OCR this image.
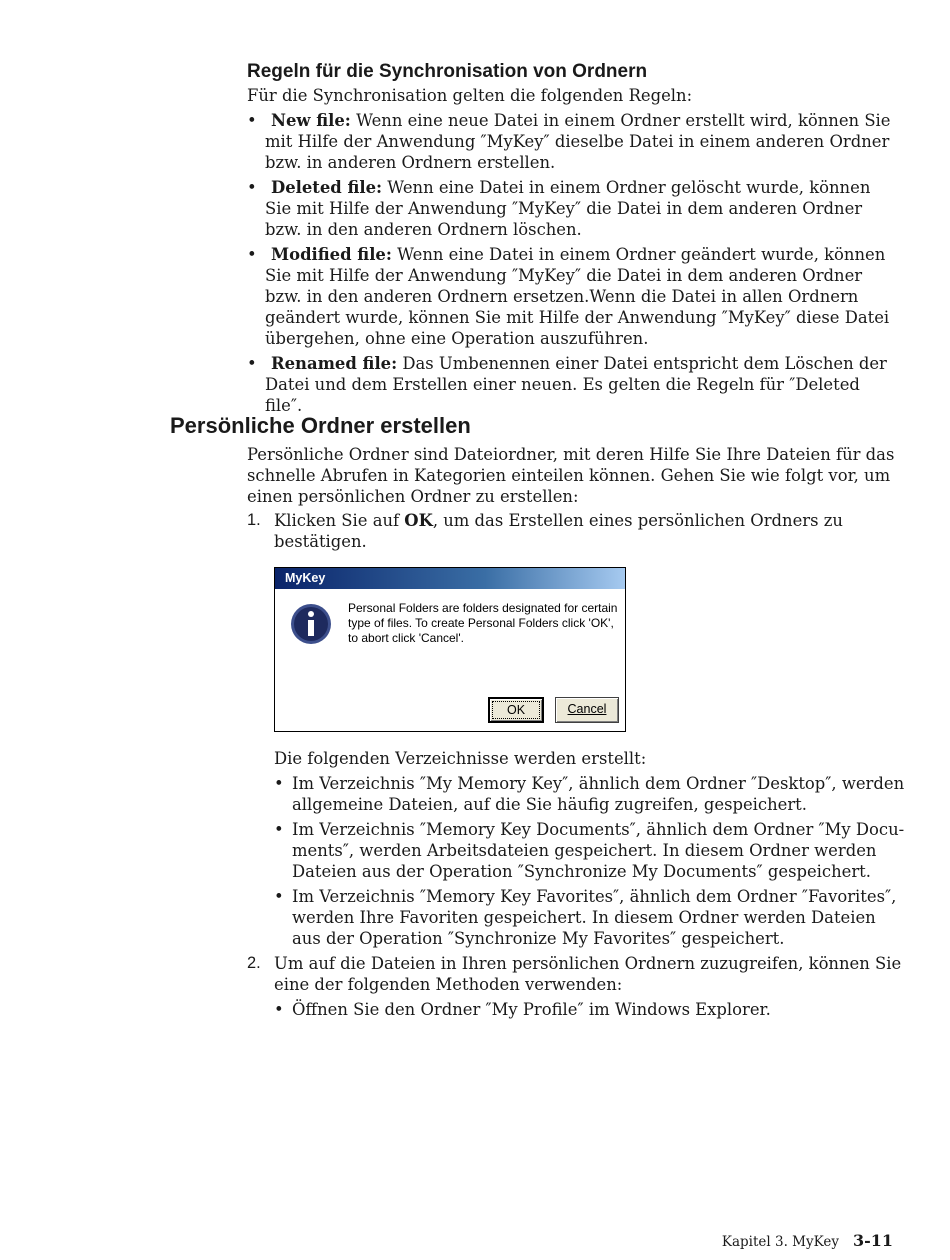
Regeln für die Synchronisation von Ordnern

Für die Synchronisation gelten die folgenden Regeln:

• New file: Wenn eine neue Datei in einem Ordner erstellt wird, können Sie mit Hilfe der Anwendung ″MyKey″ dieselbe Datei in einem anderen Ordner bzw. in anderen Ordnern erstellen.
• Deleted file: Wenn eine Datei in einem Ordner gelöscht wurde, können Sie mit Hilfe der Anwendung ″MyKey″ die Datei in dem anderen Ordner bzw. in den anderen Ordnern löschen.
• Modified file: Wenn eine Datei in einem Ordner geändert wurde, können Sie mit Hilfe der Anwendung ″MyKey″ die Datei in dem anderen Ordner bzw. in den anderen Ordnern ersetzen.Wenn die Datei in allen Ordnern geändert wurde, können Sie mit Hilfe der Anwendung ″MyKey″ diese Datei übergehen, ohne eine Operation auszuführen.
• Renamed file: Das Umbenennen einer Datei entspricht dem Löschen der Datei und dem Erstellen einer neuen. Es gelten die Regeln für ″Deleted file″.
Persönliche Ordner erstellen

Persönliche Ordner sind Dateiordner, mit deren Hilfe Sie Ihre Dateien für das schnelle Abrufen in Kategorien einteilen können. Gehen Sie wie folgt vor, um einen persönlichen Ordner zu erstellen:

1. Klicken Sie auf OK, um das Erstellen eines persönlichen Ordners zu bestätigen.
MyKey
Personal Folders are folders designated for certain type of files. To create Personal Folders click 'OK', to abort click 'Cancel'.
OK	Cancel
Die folgenden Verzeichnisse werden erstellt:
• Im Verzeichnis ″My Memory Key″, ähnlich dem Ordner ″Desktop″, werden allgemeine Dateien, auf die Sie häufig zugreifen, gespeichert.
• Im Verzeichnis ″Memory Key Documents″, ähnlich dem Ordner ″My Documents″, werden Arbeitsdateien gespeichert. In diesem Ordner werden Dateien aus der Operation ″Synchronize My Documents″ gespeichert.
• Im Verzeichnis ″Memory Key Favorites″, ähnlich dem Ordner ″Favorites″, werden Ihre Favoriten gespeichert. In diesem Ordner werden Dateien aus der Operation ″Synchronize My Favorites″ gespeichert.
2. Um auf die Dateien in Ihren persönlichen Ordnern zuzugreifen, können Sie eine der folgenden Methoden verwenden:
• Öffnen Sie den Ordner ″My Profile″ im Windows Explorer.
Kapitel 3. MyKey 3-11
